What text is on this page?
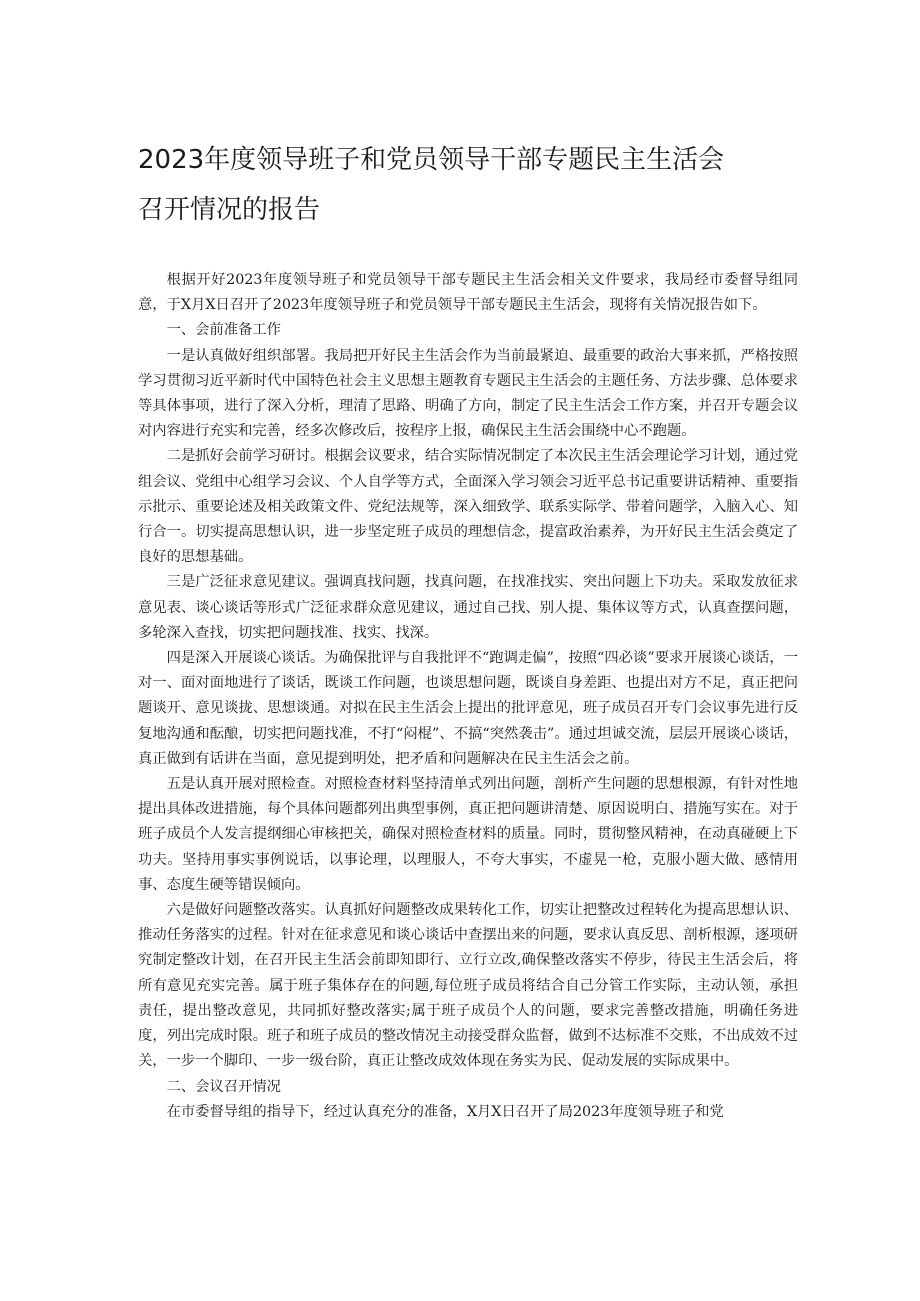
2023年度领导班子和党员领导干部专题民主生活会
召开情况的报告

根据开好2023年度领导班子和党员领导干部专题民主生活会相关文件要求，我局经市委督导组同意，于X月X日召开了2023年度领导班子和党员领导干部专题民主生活会，现将有关情况报告如下。

一、会前准备工作

一是认真做好组织部署。我局把开好民主生活会作为当前最紧迫、最重要的政治大事来抓，严格按照学习贯彻习近平新时代中国特色社会主义思想主题教育专题民主生活会的主题任务、方法步骤、总体要求等具体事项，进行了深入分析，理清了思路、明确了方向，制定了民主生活会工作方案，并召开专题会议对内容进行充实和完善，经多次修改后，按程序上报，确保民主生活会围绕中心不跑题。

二是抓好会前学习研讨。根据会议要求，结合实际情况制定了本次民主生活会理论学习计划，通过党组会议、党组中心组学习会议、个人自学等方式，全面深入学习领会习近平总书记重要讲话精神、重要指示批示、重要论述及相关政策文件、党纪法规等，深入细致学、联系实际学、带着问题学，入脑入心、知行合一。切实提高思想认识，进一步坚定班子成员的理想信念，提富政治素养，为开好民主生活会奠定了良好的思想基础。

三是广泛征求意见建议。强调真找问题，找真问题，在找准找实、突出问题上下功夫。采取发放征求意见表、谈心谈话等形式广泛征求群众意见建议，通过自己找、别人提、集体议等方式，认真查摆问题，多轮深入查找，切实把问题找准、找实、找深。

四是深入开展谈心谈话。为确保批评与自我批评不“跑调走偏”，按照“四必谈”要求开展谈心谈话，一对一、面对面地进行了谈话，既谈工作问题，也谈思想问题，既谈自身差距、也提出对方不足，真正把问题谈开、意见谈拢、思想谈通。对拟在民主生活会上提出的批评意见，班子成员召开专门会议事先进行反复地沟通和酝酿，切实把问题找准，不打“闷棍”、不搞“突然袭击”。通过坦诚交流，层层开展谈心谈话，真正做到有话讲在当面，意见提到明处，把矛盾和问题解决在民主生活会之前。

五是认真开展对照检查。对照检查材料坚持清单式列出问题，剖析产生问题的思想根源，有针对性地提出具体改进措施，每个具体问题都列出典型事例，真正把问题讲清楚、原因说明白、措施写实在。对于班子成员个人发言提纲细心审核把关，确保对照检查材料的质量。同时，贯彻整风精神，在动真碰硬上下功夫。坚持用事实事例说话，以事论理，以理服人，不夸大事实，不虚晃一枪，克服小题大做、感情用事、态度生硬等错误倾向。

六是做好问题整改落实。认真抓好问题整改成果转化工作，切实让把整改过程转化为提高思想认识、推动任务落实的过程。针对在征求意见和谈心谈话中查摆出来的问题，要求认真反思、剖析根源，逐项研究制定整改计划，在召开民主生活会前即知即行、立行立改,确保整改落实不停步，待民主生活会后，将所有意见充实完善。属于班子集体存在的问题,每位班子成员将结合自己分管工作实际，主动认领，承担责任，提出整改意见，共同抓好整改落实;属于班子成员个人的问题，要求完善整改措施，明确任务进度，列出完成时限。班子和班子成员的整改情况主动接受群众监督，做到不达标准不交账，不出成效不过关，一步一个脚印、一步一级台阶，真正让整改成效体现在务实为民、促动发展的实际成果中。

二、会议召开情况

在市委督导组的指导下，经过认真充分的准备，X月X日召开了局2023年度领导班子和党
